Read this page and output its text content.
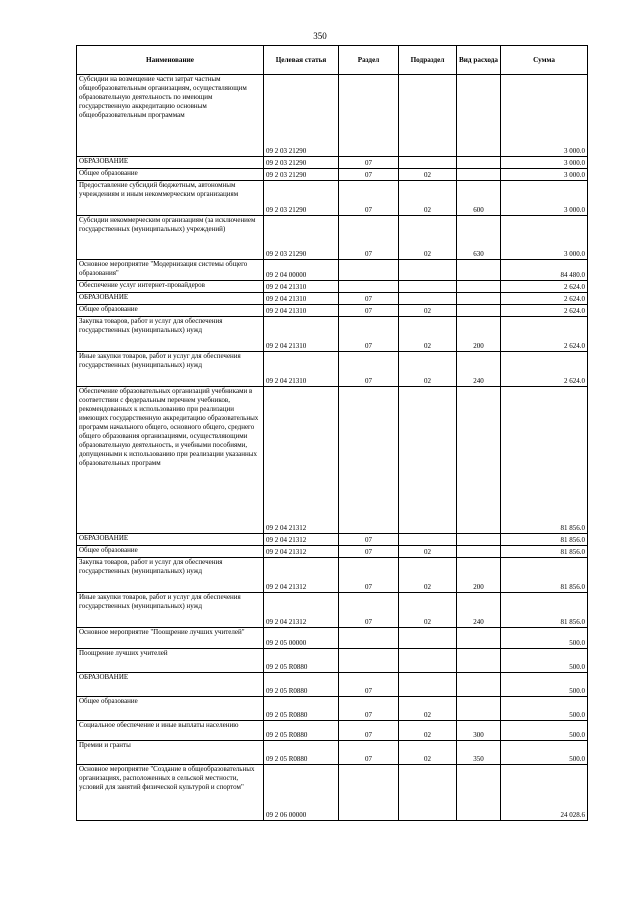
350
Наименование	Целевая статья	Раздел	Подраздел	Вид расхода	Сумма
Субсидии на возмещение части затрат частным общеобразовательным организациям, осуществляющим образовательную деятельность по имеющим государственную аккредитацию основным общеобразовательным программам	09 2 03 21290				3 000.0
ОБРАЗОВАНИЕ	09 2 03 21290	07			3 000.0
Общее образование	09 2 03 21290	07	02		3 000.0
Предоставление субсидий бюджетным, автономным учреждениям и иным некоммерческим организациям	09 2 03 21290	07	02	600	3 000.0
Субсидии некоммерческим организациям (за исключением государственных (муниципальных) учреждений)	09 2 03 21290	07	02	630	3 000.0
Основное мероприятие "Модернизация системы общего образования"	09 2 04 00000				84 480.0
Обеспечение услуг интернет-провайдеров	09 2 04 21310				2 624.0
ОБРАЗОВАНИЕ	09 2 04 21310	07			2 624.0
Общее образование	09 2 04 21310	07	02		2 624.0
Закупка товаров, работ и услуг для обеспечения государственных (муниципальных) нужд	09 2 04 21310	07	02	200	2 624.0
Иные закупки товаров, работ и услуг для обеспечения государственных (муниципальных) нужд	09 2 04 21310	07	02	240	2 624.0
Обеспечение образовательных организаций учебниками в соответствии с федеральным перечнем учебников, рекомендованных к использованию при реализации имеющих государственную аккредитацию образовательных программ начального общего, основного общего, среднего общего образования организациями, осуществляющими образовательную деятельность, и учебными пособиями, допущенными к использованию при реализации указанных образовательных программ	09 2 04 21312				81 856.0
ОБРАЗОВАНИЕ	09 2 04 21312	07			81 856.0
Общее образование	09 2 04 21312	07	02		81 856.0
Закупка товаров, работ и услуг для обеспечения государственных (муниципальных) нужд	09 2 04 21312	07	02	200	81 856.0
Иные закупки товаров, работ и услуг для обеспечения государственных (муниципальных) нужд	09 2 04 21312	07	02	240	81 856.0
Основное мероприятие "Поощрение лучших учителей"	09 2 05 00000				500.0
Поощрение лучших учителей	09 2 05 R0880				500.0
ОБРАЗОВАНИЕ	09 2 05 R0880	07			500.0
Общее образование	09 2 05 R0880	07	02		500.0
Социальное обеспечение и иные выплаты населению	09 2 05 R0880	07	02	300	500.0
Премии и гранты	09 2 05 R0880	07	02	350	500.0
Основное мероприятие "Создание в общеобразовательных организациях, расположенных в сельской местности, условий для занятий физической культурой и спортом"	09 2 06 00000				24 028.6
